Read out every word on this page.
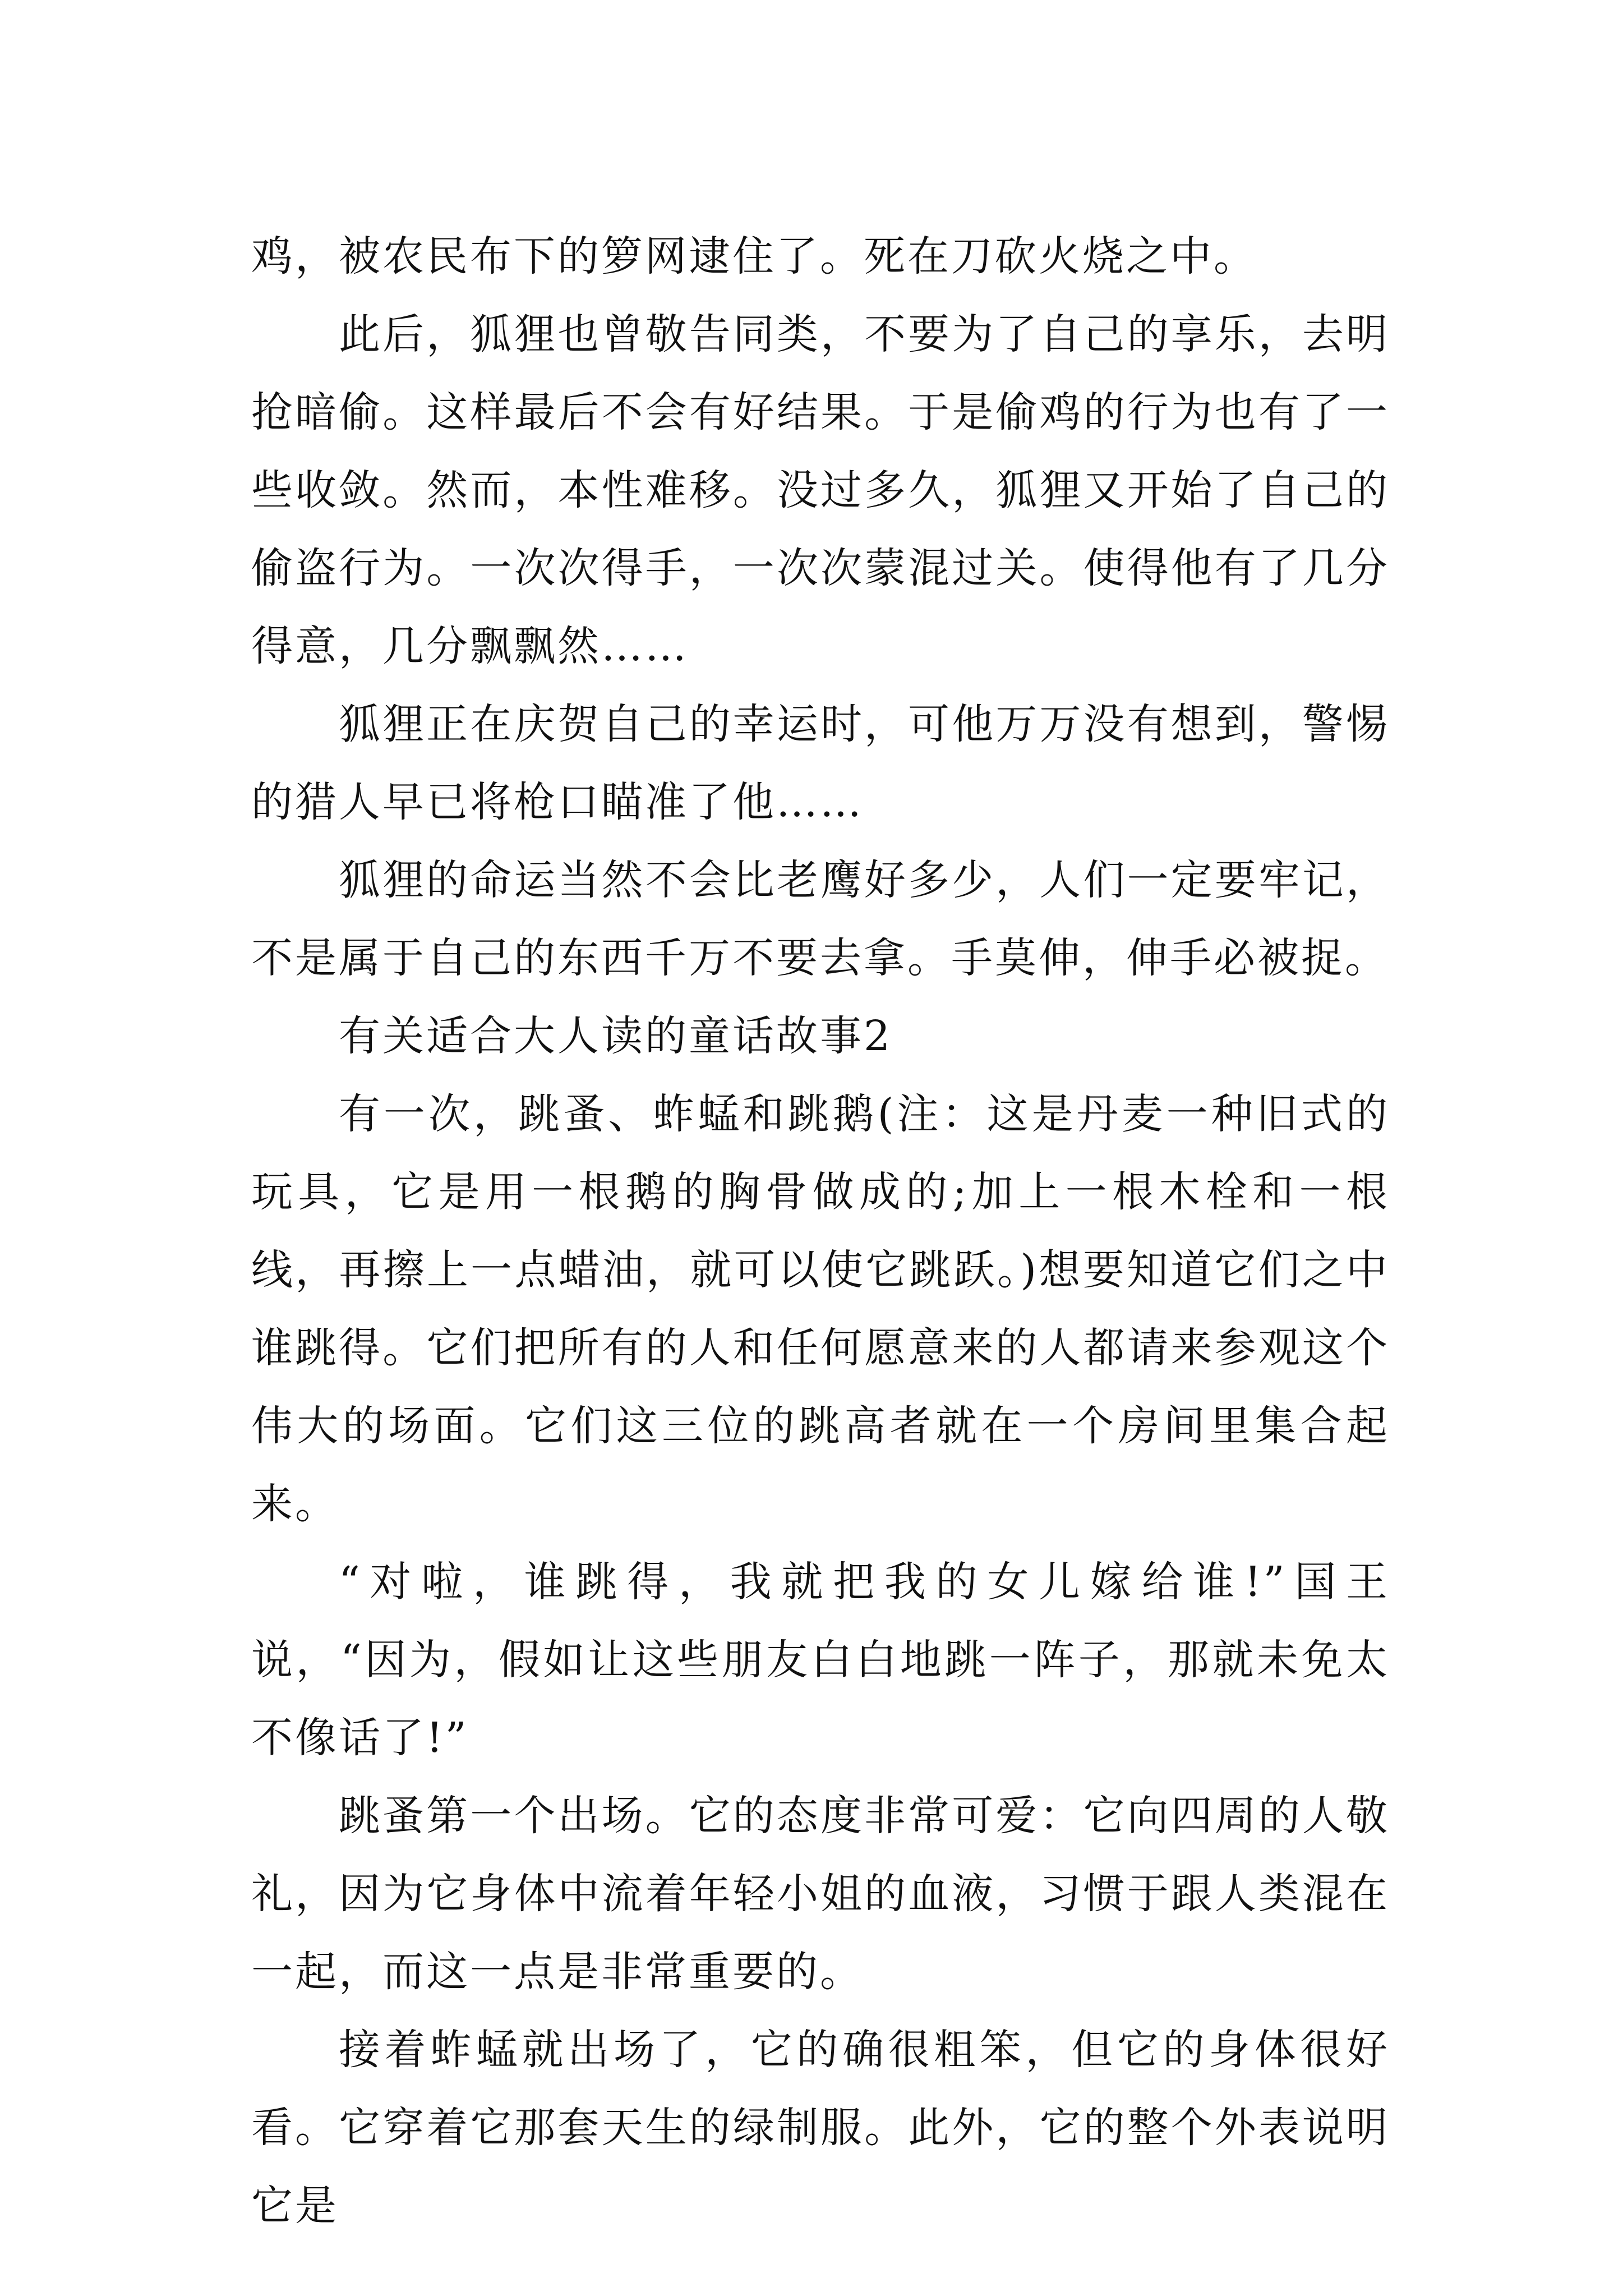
鸡，被农民布下的箩网逮住了。死在刀砍火烧之中。

此后，狐狸也曾敬告同类，不要为了自己的享乐，去明抢暗偷。这样最后不会有好结果。于是偷鸡的行为也有了一些收敛。然而，本性难移。没过多久，狐狸又开始了自己的偷盗行为。一次次得手，一次次蒙混过关。使得他有了几分得意，几分飘飘然……

狐狸正在庆贺自己的幸运时，可他万万没有想到，警惕的猎人早已将枪口瞄准了他……

狐狸的命运当然不会比老鹰好多少，人们一定要牢记，不是属于自己的东西千万不要去拿。手莫伸，伸手必被捉。

有关适合大人读的童话故事2

有一次，跳蚤、蚱蜢和跳鹅(注：这是丹麦一种旧式的玩具，它是用一根鹅的胸骨做成的;加上一根木栓和一根线，再擦上一点蜡油，就可以使它跳跃。)想要知道它们之中谁跳得。它们把所有的人和任何愿意来的人都请来参观这个伟大的场面。它们这三位的跳高者就在一个房间里集合起来。

“对啦，谁跳得，我就把我的女儿嫁给谁!”国王说，“因为，假如让这些朋友白白地跳一阵子，那就未免太不像话了!”

跳蚤第一个出场。它的态度非常可爱：它向四周的人敬礼，因为它身体中流着年轻小姐的血液，习惯于跟人类混在一起，而这一点是非常重要的。

接着蚱蜢就出场了，它的确很粗笨，但它的身体很好看。它穿着它那套天生的绿制服。此外，它的整个外表说明它是
